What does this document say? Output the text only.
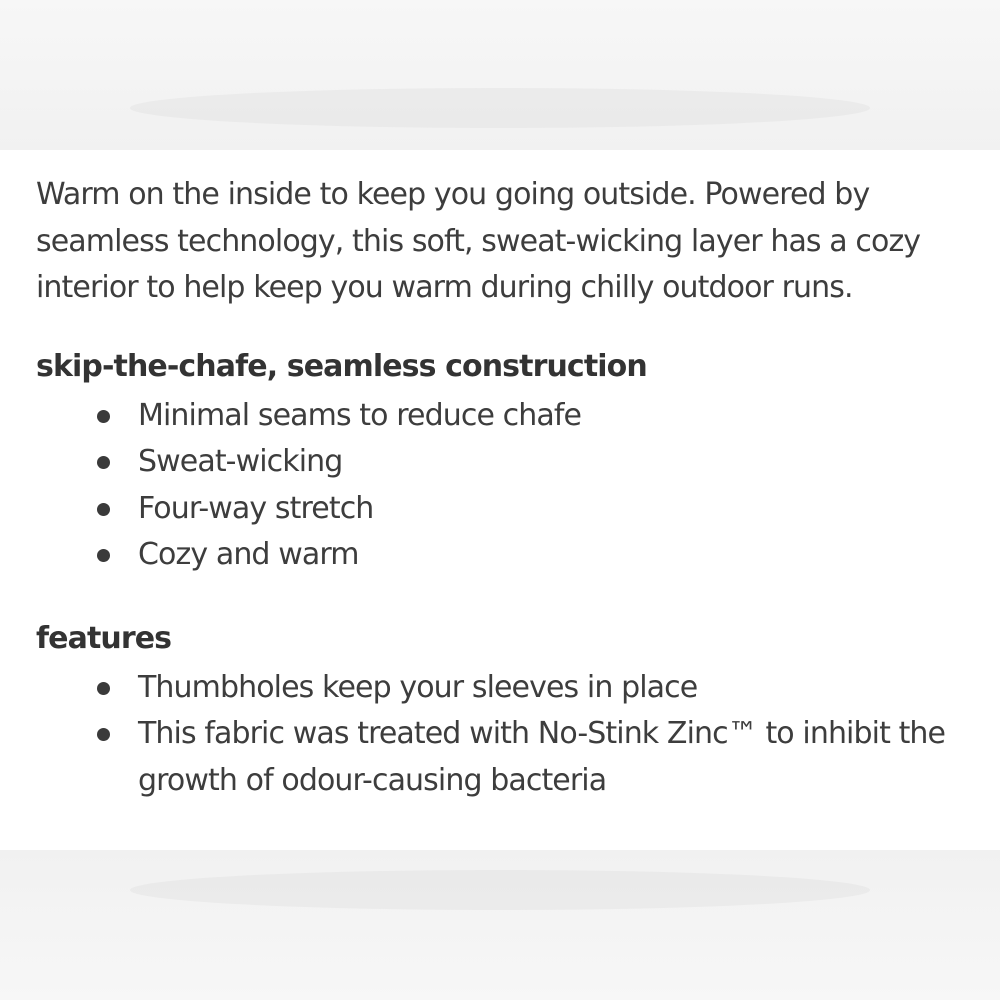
Warm on the inside to keep you going outside. Powered by seamless technology, this soft, sweat-wicking layer has a cozy interior to help keep you warm during chilly outdoor runs.

skip-the-chafe, seamless construction
Minimal seams to reduce chafe
Sweat-wicking
Four-way stretch
Cozy and warm
features
Thumbholes keep your sleeves in place
This fabric was treated with No-Stink Zinc™ to inhibit the growth of odour-causing bacteria
